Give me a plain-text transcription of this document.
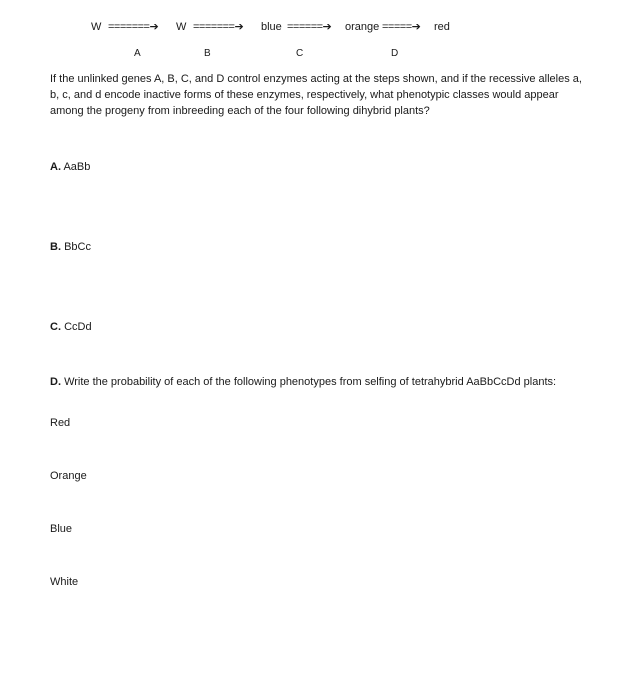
W =======➔ W =======➔ blue ======➔ orange =====➔ red
A	B	C	D
If the unlinked genes A, B, C, and D control enzymes acting at the steps shown, and if the recessive alleles a, b, c, and d encode inactive forms of these enzymes, respectively, what phenotypic classes would appear among the progeny from inbreeding each of the four following dihybrid plants?
A. AaBb
B. BbCc
C. CcDd
D. Write the probability of each of the following phenotypes from selfing of tetrahybrid AaBbCcDd plants:
Red
Orange
Blue
White
